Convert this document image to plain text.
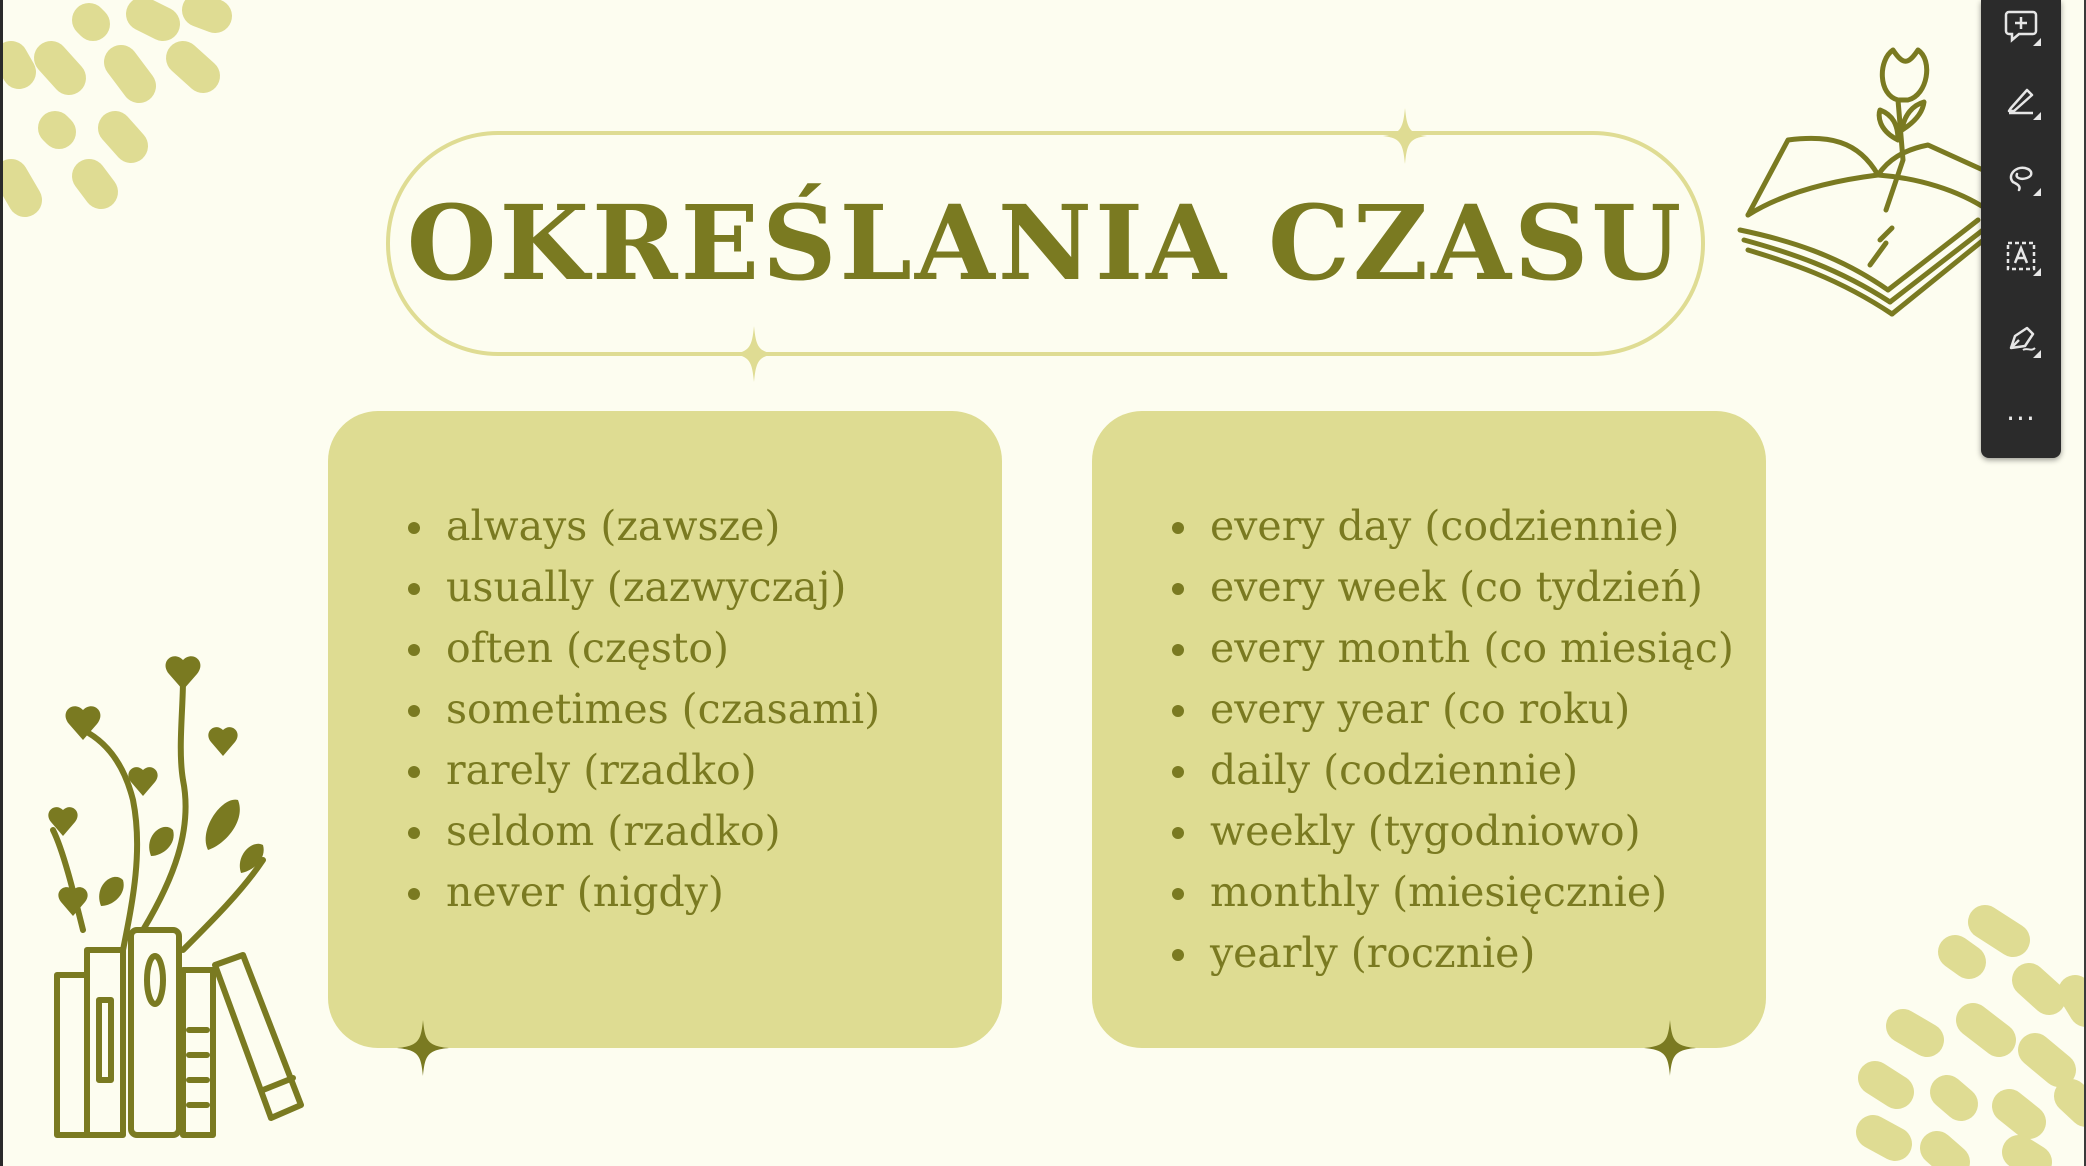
OKREŚLANIA CZASU
always (zawsze)
usually (zazwyczaj)
often (często)
sometimes (czasami)
rarely (rzadko)
seldom (rzadko)
never (nigdy)
every day (codziennie)
every week (co tydzień)
every month (co miesiąc)
every year (co roku)
daily (codziennie)
weekly (tygodniowo)
monthly (miesięcznie)
yearly (rocznie)
···
